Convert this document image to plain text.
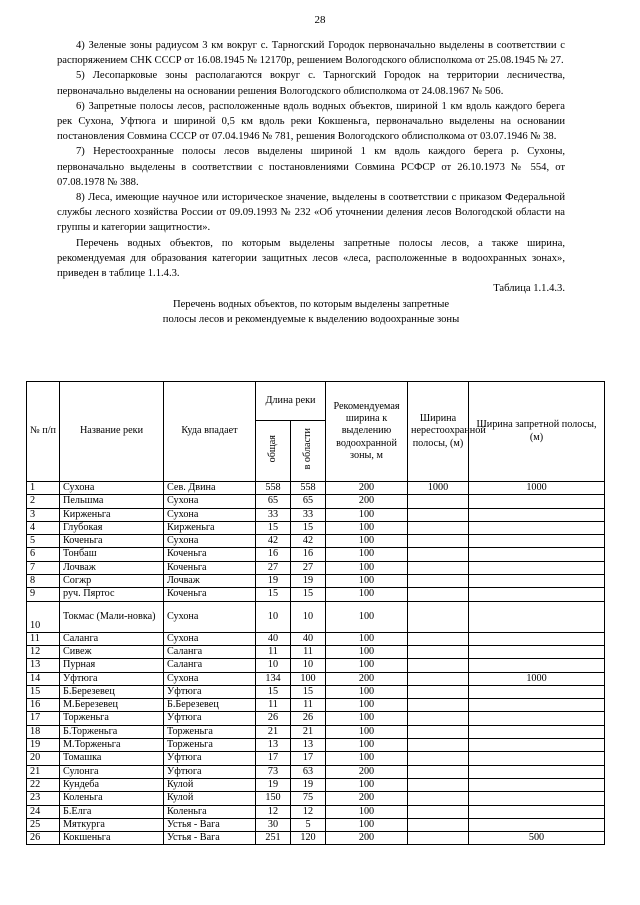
28

4) Зеленые зоны радиусом 3 км вокруг с. Тарногский Городок первоначально выделены в соответствии с распоряжением СНК СССР от 16.08.1945 № 12170р, решением Вологодского облисполкома от 25.08.1945 № 27.

5) Лесопарковые зоны располагаются вокруг с. Тарногский Городок на территории лесничества, первоначально выделены на основании решения Вологодского облисполкома от 24.08.1967 № 506.

6) Запретные полосы лесов, расположенные вдоль водных объектов, шириной 1 км вдоль каждого берега рек Сухона, Уфтюга и шириной 0,5 км вдоль реки Кокшеньга, первоначально выделены на основании постановления Совмина СССР от 07.04.1946 № 781, решения Вологодского облисполкома от 03.07.1946 № 38.

7) Нерестоохранные полосы лесов выделены шириной 1 км вдоль каждого берега р. Сухоны, первоначально выделены в соответствии с постановлениями Совмина РСФСР от 26.10.1973 № 554, от 07.08.1978 № 388.

8) Леса, имеющие научное или историческое значение, выделены в соответствии с приказом Федеральной службы лесного хозяйства России от 09.09.1993 № 232 «Об уточнении деления лесов Вологодской области на группы и категории защитности».

Перечень водных объектов, по которым выделены запретные полосы лесов, а также ширина, рекомендуемая для образования категории защитных лесов «леса, расположенные в водоохранных зонах», приведен в таблице 1.1.4.3.

Таблица 1.1.4.3.
Перечень водных объектов, по которым выделены запретные
полосы лесов и рекомендуемые к выделению водоохранные зоны
№ п/п	Название реки	Куда впадает	Длина реки		Рекомендуемая ширина к выделению водоохранной зоны, м	Ширина нерестоохранной полосы, (м)	Ширина запретной полосы, (м)
			общая	в области			
1	Сухона	Сев. Двина	558	558	200	1000	1000
2	Пельшма	Сухона	65	65	200		
3	Кирженьга	Сухона	33	33	100		
4	Глубокая	Кирженьга	15	15	100		
5	Коченьга	Сухона	42	42	100		
6	Тонбаш	Коченьга	16	16	100		
7	Лочваж	Коченьга	27	27	100		
8	Согжр	Лочваж	19	19	100		
9	руч. Пяртос	Коченьга	15	15	100		
10	Токмас (Мали-новка)	Сухона	10	10	100		
11	Саланга	Сухона	40	40	100		
12	Сивеж	Саланга	11	11	100		
13	Пурная	Саланга	10	10	100		
14	Уфтюга	Сухона	134	100	200		1000
15	Б.Березевец	Уфтюга	15	15	100		
16	М.Березевец	Б.Березевец	11	11	100		
17	Торженьга	Уфтюга	26	26	100		
18	Б.Торженьга	Торженьга	21	21	100		
19	М.Торженьга	Торженьга	13	13	100		
20	Томашка	Уфтюга	17	17	100		
21	Сулонга	Уфтюга	73	63	200		
22	Кундеба	Кулой	19	19	100		
23	Коленьга	Кулой	150	75	200		
24	Б.Елга	Коленьга	12	12	100		
25	Мяткурга	Устья - Вага	30	5	100		
26	Кокшеньга	Устья - Вага	251	120	200		500
